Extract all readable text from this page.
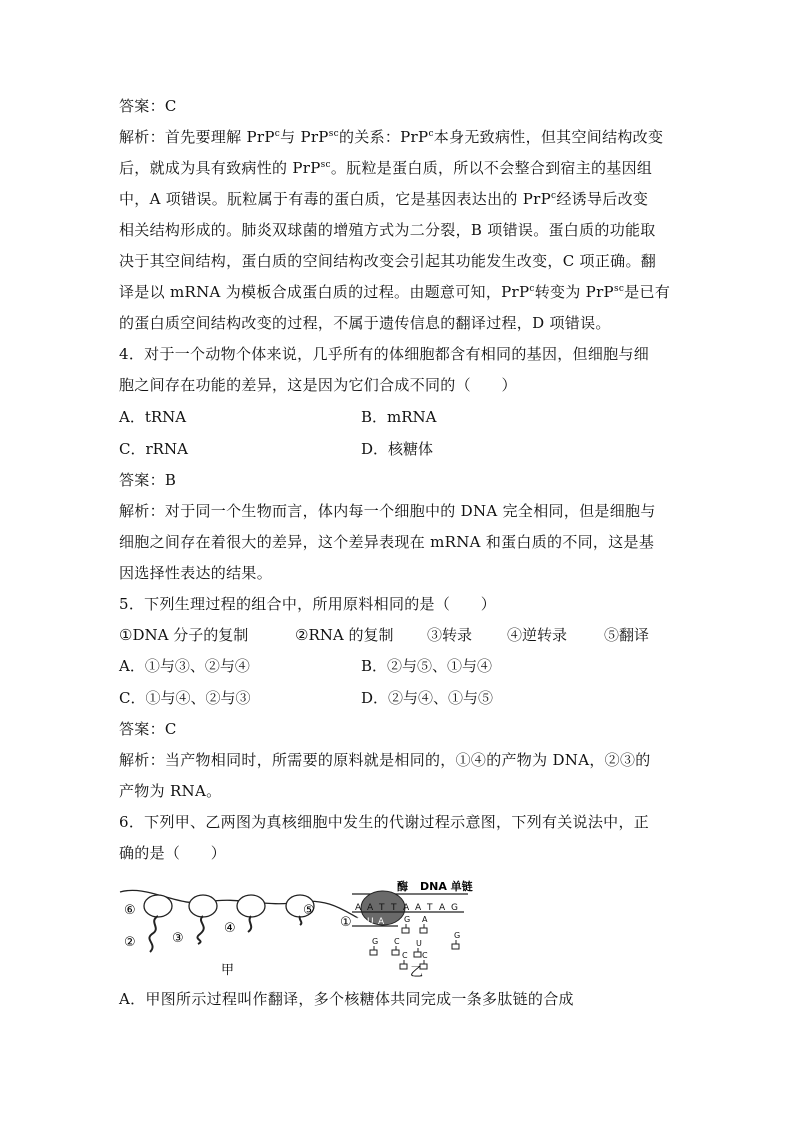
答案：C
解析：首先要理解 PrP$^c$与 PrP$^{sc}$的关系：PrP$^c$本身无致病性，但其空间结构改变
后，就成为具有致病性的 PrP$^{sc}$。朊粒是蛋白质，所以不会整合到宿主的基因组
中，A 项错误。朊粒属于有毒的蛋白质，它是基因表达出的 PrP$^c$经诱导后改变
相关结构形成的。肺炎双球菌的增殖方式为二分裂，B 项错误。蛋白质的功能取
决于其空间结构，蛋白质的空间结构改变会引起其功能发生改变，C 项正确。翻
译是以 mRNA 为模板合成蛋白质的过程。由题意可知，PrP$^c$转变为 PrP$^{sc}$是已有
的蛋白质空间结构改变的过程，不属于遗传信息的翻译过程，D 项错误。
4．对于一个动物个体来说，几乎所有的体细胞都含有相同的基因，但细胞与细
胞之间存在功能的差异，这是因为它们合成不同的（　　）
A．tRNA	B．mRNA
C．rRNA	D．核糖体
答案：B
解析：对于同一个生物而言，体内每一个细胞中的 DNA 完全相同，但是细胞与
细胞之间存在着很大的差异，这个差异表现在 mRNA 和蛋白质的不同，这是基
因选择性表达的结果。
5．下列生理过程的组合中，所用原料相同的是（　　）
①DNA 分子的复制	②RNA 的复制 ③转录 ④逆转录 ⑤翻译
A．①与③、②与④	B．②与⑤、①与④
C．①与④、②与③	D．②与④、①与⑤
答案：C
解析：当产物相同时，所需要的原料就是相同的，①④的产物为 DNA，②③的
产物为 RNA。
6．下列甲、乙两图为真核细胞中发生的代谢过程示意图，下列有关说法中，正
确的是（　　）
⑥
②	③
④
⑤
①
甲
酶 DNA 单链
A A T T A A T A G
U U A G A
G C U
C C
G
乙
A．甲图所示过程叫作翻译，多个核糖体共同完成一条多肽链的合成
